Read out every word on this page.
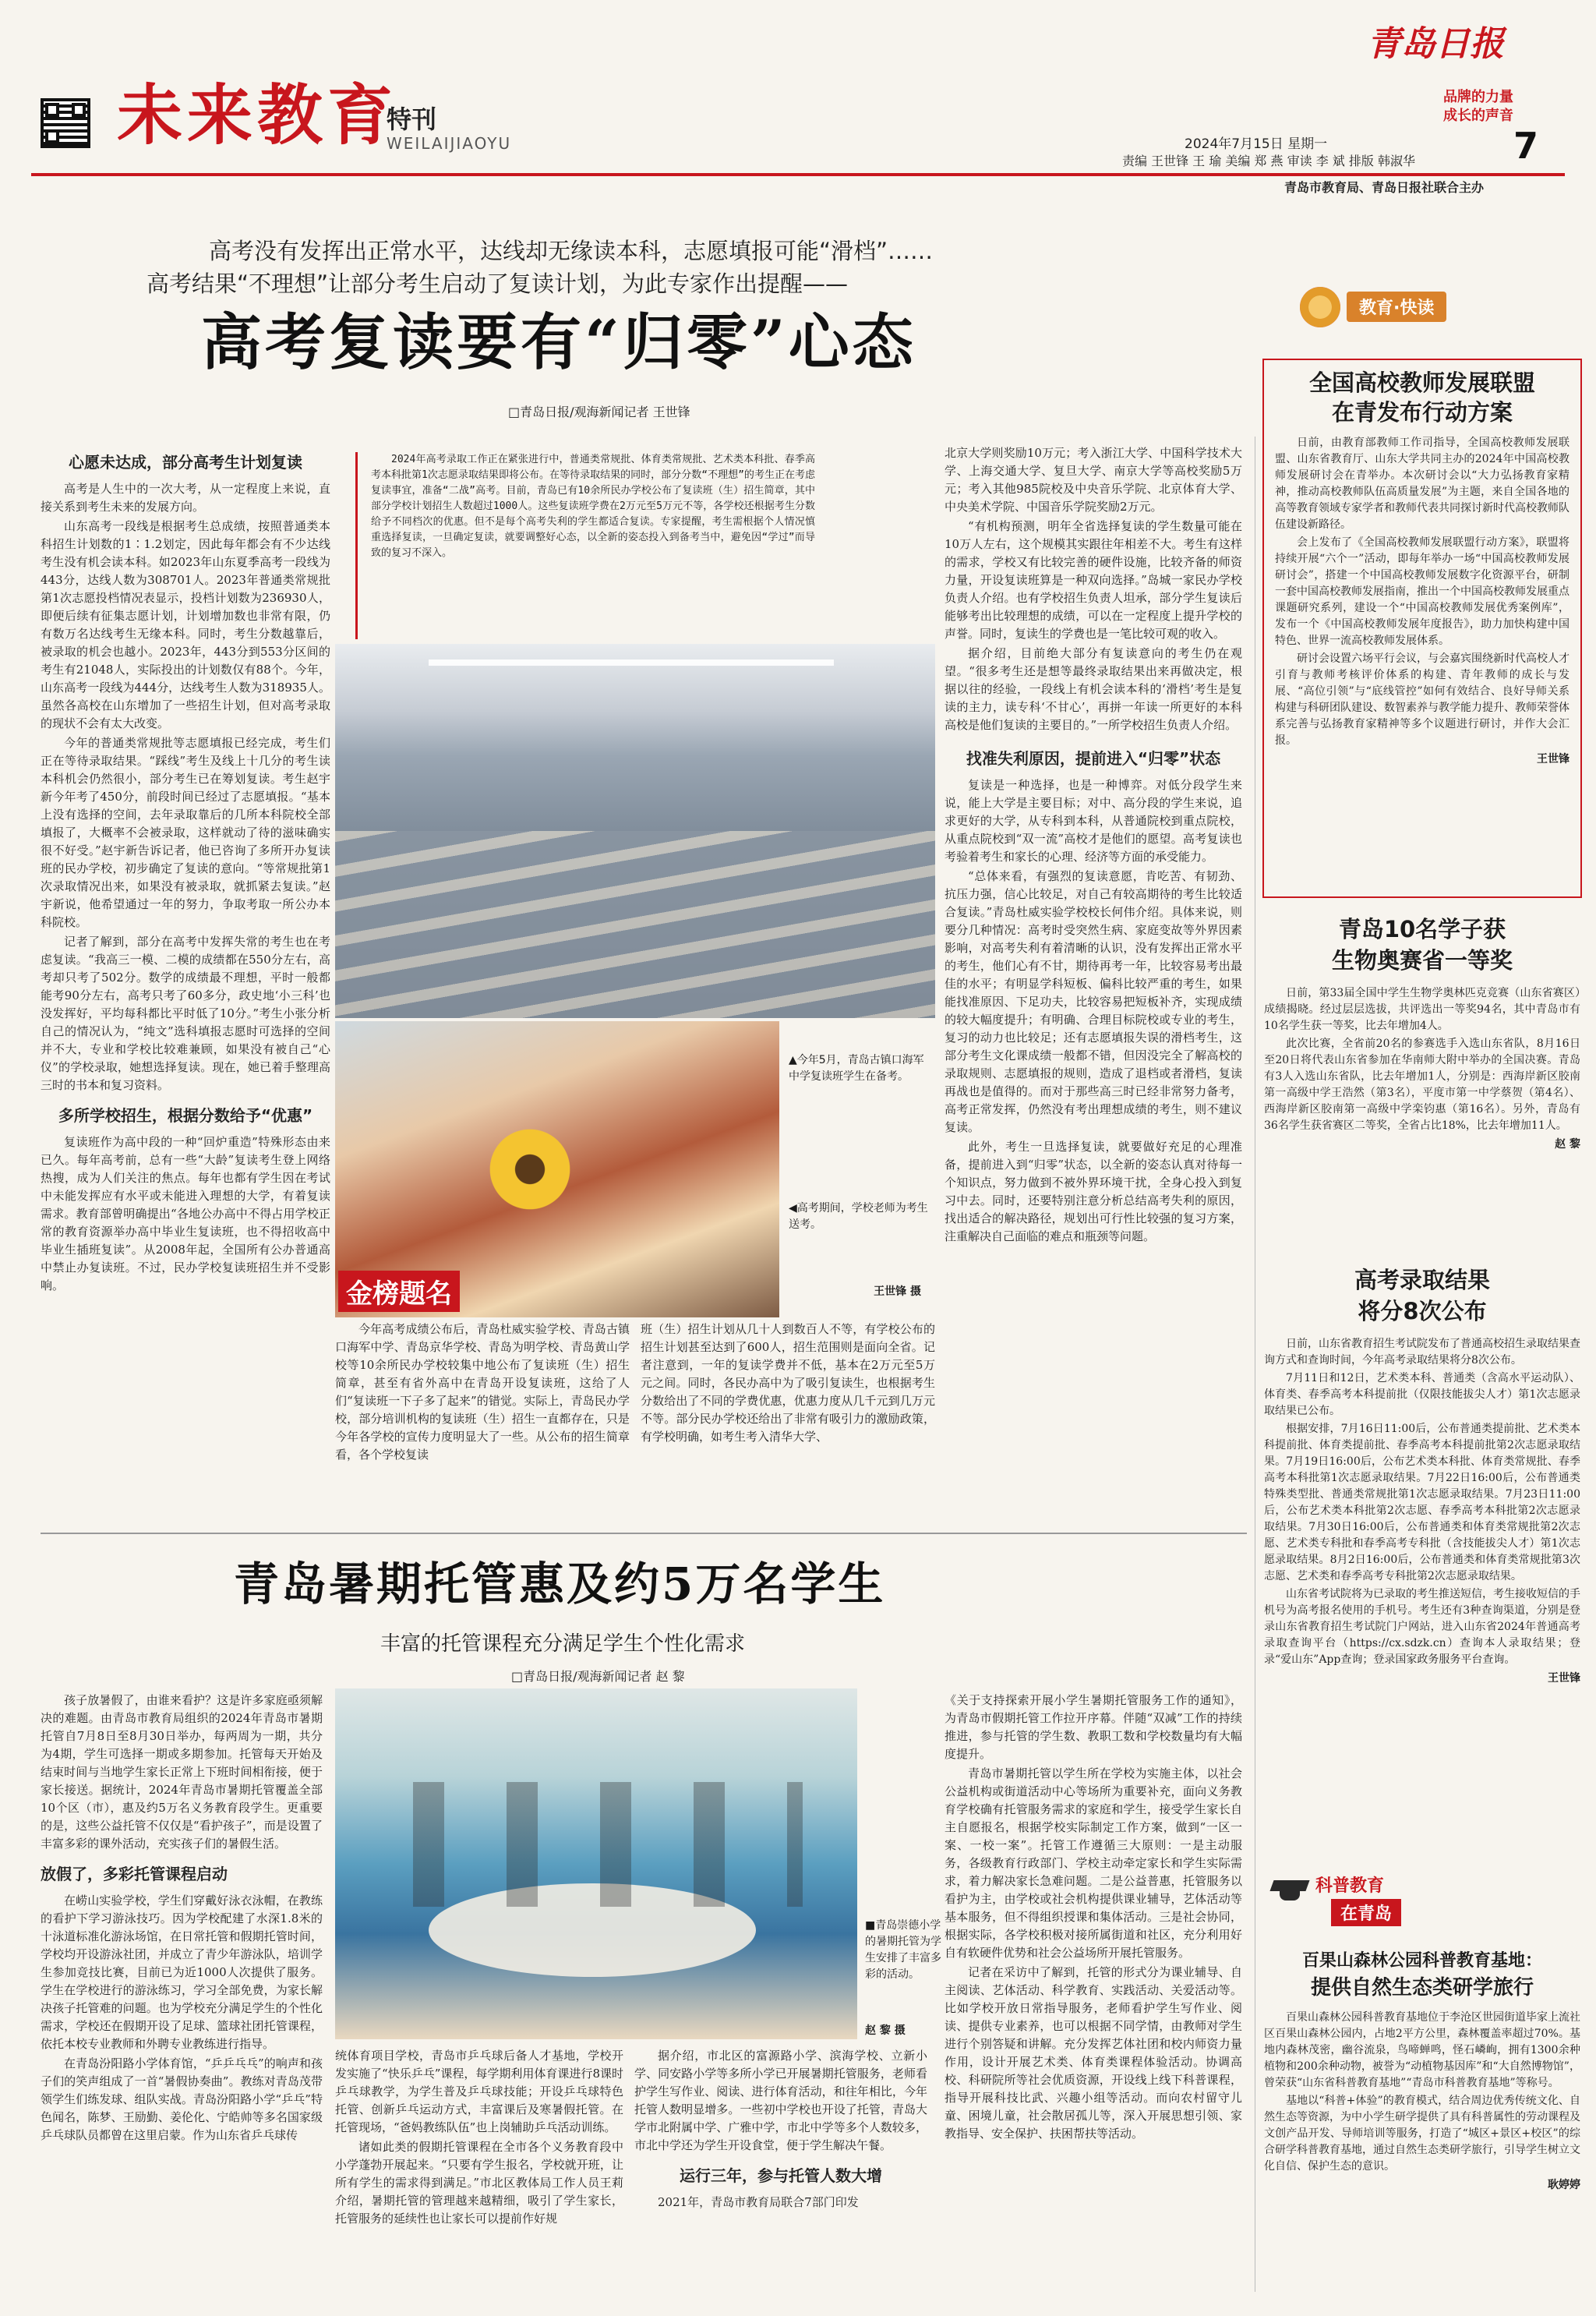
未来教育
特刊
WEILAIJIAOYU
青岛日报
品牌的力量
成长的声音
2024年7月15日 星期一	7
责编 王世锋 王 瑜 美编 郑 燕 审读 李 斌 排版 韩淑华
青岛市教育局、青岛日报社联合主办
高考没有发挥出正常水平，达线却无缘读本科，志愿填报可能“滑档”……
高考结果“不理想”让部分考生启动了复读计划，为此专家作出提醒——
高考复读要有“归零”心态
□青岛日报/观海新闻记者 王世锋
心愿未达成，部分高考生计划复读

高考是人生中的一次大考，从一定程度上来说，直接关系到考生未来的发展方向。

山东高考一段线是根据考生总成绩，按照普通类本科招生计划数的1∶1.2划定，因此每年都会有不少达线考生没有机会读本科。如2023年山东夏季高考一段线为443分，达线人数为308701人。2023年普通类常规批第1次志愿投档情况表显示，投档计划数为236930人，即便后续有征集志愿计划，计划增加数也非常有限，仍有数万名达线考生无缘本科。同时，考生分数越靠后，被录取的机会也越小。2023年，443分到553分区间的考生有21048人，实际投出的计划数仅有88个。今年，山东高考一段线为444分，达线考生人数为318935人。虽然各高校在山东增加了一些招生计划，但对高考录取的现状不会有太大改变。

今年的普通类常规批等志愿填报已经完成，考生们正在等待录取结果。“踩线”考生及线上十几分的考生读本科机会仍然很小，部分考生已在筹划复读。考生赵宇新今年考了450分，前段时间已经过了志愿填报。“基本上没有选择的空间，去年录取靠后的几所本科院校全部填报了，大概率不会被录取，这样就动了待的滋味确实很不好受。”赵宇新告诉记者，他已咨询了多所开办复读班的民办学校，初步确定了复读的意向。“等常规批第1次录取情况出来，如果没有被录取，就抓紧去复读。”赵宇新说，他希望通过一年的努力，争取考取一所公办本科院校。

记者了解到，部分在高考中发挥失常的考生也在考虑复读。“我高三一模、二模的成绩都在550分左右，高考却只考了502分。数学的成绩最不理想，平时一般都能考90分左右，高考只考了60多分，政史地‘小三科’也没发挥好，平均每科都比平时低了10分。”考生小张分析自己的情况认为，“纯文”选科填报志愿时可选择的空间并不大，专业和学校比较难兼顾，如果没有被自己“心仪”的学校录取，她想选择复读。现在，她已着手整理高三时的书本和复习资料。

多所学校招生，根据分数给予“优惠”

复读班作为高中段的一种“回炉重造”特殊形态由来已久。每年高考前，总有一些“大龄”复读考生登上网络热搜，成为人们关注的焦点。每年也都有学生因在考试中未能发挥应有水平或未能进入理想的大学，有着复读需求。教育部曾明确提出“各地公办高中不得占用学校正常的教育资源举办高中毕业生复读班，也不得招收高中毕业生插班复读”。从2008年起，全国所有公办普通高中禁止办复读班。不过，民办学校复读班招生并不受影响。

2024年高考录取工作正在紧张进行中，普通类常规批、体育类常规批、艺术类本科批、春季高考本科批第1次志愿录取结果即将公布。在等待录取结果的同时，部分分数“不理想”的考生正在考虑复读事宜，准备“二战”高考。目前，青岛已有10余所民办学校公布了复读班（生）招生简章，其中部分学校计划招生人数超过1000人。这些复读班学费在2万元至5万元不等，各学校还根据考生分数给予不同档次的优惠。但不是每个高考失利的学生都适合复读。专家提醒，考生需根据个人情况慎重选择复读，一旦确定复读，就要调整好心态，以全新的姿态投入到备考当中，避免因“学过”而导致的复习不深入。
金榜题名
▲今年5月，青岛古镇口海军中学复读班学生在备考。
◀高考期间，学校老师为考生送考。
王世锋 摄

今年高考成绩公布后，青岛杜威实验学校、青岛古镇口海军中学、青岛京华学校、青岛为明学校、青岛黄山学校等10余所民办学校较集中地公布了复读班（生）招生简章，甚至有省外高中在青岛开设复读班，这给了人们“复读班一下子多了起来”的错觉。实际上，青岛民办学校，部分培训机构的复读班（生）招生一直都存在，只是今年各学校的宣传力度明显大了一些。从公布的招生简章看，各个学校复读

班（生）招生计划从几十人到数百人不等，有学校公布的招生计划甚至达到了600人，招生范围则是面向全省。记者注意到，一年的复读学费并不低，基本在2万元至5万元之间。同时，各民办高中为了吸引复读生，也根据考生分数给出了不同的学费优惠，优惠力度从几千元到几万元不等。部分民办学校还给出了非常有吸引力的激励政策，有学校明确，如考生考入清华大学、

北京大学则奖励10万元；考入浙江大学、中国科学技术大学、上海交通大学、复旦大学、南京大学等高校奖励5万元；考入其他985院校及中央音乐学院、北京体育大学、中央美术学院、中国音乐学院奖励2万元。

“有机构预测，明年全省选择复读的学生数量可能在10万人左右，这个规模其实跟往年相差不大。考生有这样的需求，学校又有比较完善的硬件设施，比较齐备的师资力量，开设复读班算是一种双向选择。”岛城一家民办学校负责人介绍。也有学校招生负责人坦承，部分学生复读后能够考出比较理想的成绩，可以在一定程度上提升学校的声誉。同时，复读生的学费也是一笔比较可观的收入。

据介绍，目前绝大部分有复读意向的考生仍在观望。“很多考生还是想等最终录取结果出来再做决定，根据以往的经验，一段线上有机会读本科的‘滑档’考生是复读的主力，读专科‘不甘心’，再拼一年读一所更好的本科高校是他们复读的主要目的。”一所学校招生负责人介绍。

找准失利原因，提前进入“归零”状态

复读是一种选择，也是一种博弈。对低分段学生来说，能上大学是主要目标；对中、高分段的学生来说，追求更好的大学，从专科到本科，从普通院校到重点院校，从重点院校到“双一流”高校才是他们的愿望。高考复读也考验着考生和家长的心理、经济等方面的承受能力。

“总体来看，有强烈的复读意愿，肯吃苦、有韧劲、抗压力强，信心比较足，对自己有较高期待的考生比较适合复读。”青岛杜威实验学校校长何伟介绍。具体来说，则要分几种情况：高考时受突然生病、家庭变故等外界因素影响，对高考失利有着清晰的认识，没有发挥出正常水平的考生，他们心有不甘，期待再考一年，比较容易考出最佳的水平；有明显学科短板、偏科比较严重的考生，如果能找准原因、下足功夫，比较容易把短板补齐，实现成绩的较大幅度提升；有明确、合理目标院校或专业的考生，复习的动力也比较足；还有志愿填报失误的滑档考生，这部分考生文化课成绩一般都不错，但因没完全了解高校的录取规则、志愿填报的规则，造成了退档或者滑档，复读再战也是值得的。而对于那些高三时已经非常努力备考，高考正常发挥，仍然没有考出理想成绩的考生，则不建议复读。

此外，考生一旦选择复读，就要做好充足的心理准备，提前进入到“归零”状态，以全新的姿态认真对待每一个知识点，努力做到不被外界环境干扰，全身心投入到复习中去。同时，还要特别注意分析总结高考失利的原因，找出适合的解决路径，规划出可行性比较强的复习方案，注重解决自己面临的难点和瓶颈等问题。

教育·快读
全国高校教师发展联盟
在青发布行动方案

日前，由教育部教师工作司指导，全国高校教师发展联盟、山东省教育厅、山东大学共同主办的2024年中国高校教师发展研讨会在青举办。本次研讨会以“大力弘扬教育家精神，推动高校教师队伍高质量发展”为主题，来自全国各地的高等教育领域专家学者和教师代表共同探讨新时代高校教师队伍建设新路径。

会上发布了《全国高校教师发展联盟行动方案》，联盟将持续开展“六个一”活动，即每年举办一场“中国高校教师发展研讨会”，搭建一个中国高校教师发展数字化资源平台，研制一套中国高校教师发展指南，推出一个中国高校教师发展重点课题研究系列，建设一个“中国高校教师发展优秀案例库”，发布一个《中国高校教师发展年度报告》，助力加快构建中国特色、世界一流高校教师发展体系。

研讨会设置六场平行会议，与会嘉宾围绕新时代高校人才引育与教师考核评价体系的构建、青年教师的成长与发展、“高位引领”与“底线管控”如何有效结合、良好导师关系构建与科研团队建设、数智素养与教学能力提升、教师荣誉体系完善与弘扬教育家精神等多个议题进行研讨，并作大会汇报。

王世锋
青岛10名学子获
生物奥赛省一等奖

日前，第33届全国中学生生物学奥林匹克竞赛（山东省赛区）成绩揭晓。经过层层选拔，共评选出一等奖94名，其中青岛市有10名学生获一等奖，比去年增加4人。

此次比赛，全省前20名的参赛选手入选山东省队，8月16日至20日将代表山东省参加在华南师大附中举办的全国决赛。青岛有3人入选山东省队，比去年增加1人，分别是：西海岸新区胶南第一高级中学王浩然（第3名），平度市第一中学蔡贺（第4名）、西海岸新区胶南第一高级中学栾钧惠（第16名）。另外，青岛有36名学生获省赛区二等奖，全省占比18%，比去年增加11人。

赵 黎
高考录取结果
将分8次公布

日前，山东省教育招生考试院发布了普通高校招生录取结果查询方式和查询时间，今年高考录取结果将分8次公布。

7月11日和12日，艺术类本科、普通类（含高水平运动队）、体育类、春季高考本科提前批（仅限技能拔尖人才）第1次志愿录取结果已公布。

根据安排，7月16日11:00后，公布普通类提前批、艺术类本科提前批、体育类提前批、春季高考本科提前批第2次志愿录取结果。7月19日16:00后，公布艺术类本科批、体育类常规批、春季高考本科批第1次志愿录取结果。7月22日16:00后，公布普通类特殊类型批、普通类常规批第1次志愿录取结果。7月23日11:00后，公布艺术类本科批第2次志愿、春季高考本科批第2次志愿录取结果。7月30日16:00后，公布普通类和体育类常规批第2次志愿、艺术类专科批和春季高考专科批（含技能拔尖人才）第1次志愿录取结果。8月2日16:00后，公布普通类和体育类常规批第3次志愿、艺术类和春季高考专科批第2次志愿录取结果。

山东省考试院将为已录取的考生推送短信，考生接收短信的手机号为高考报名使用的手机号。考生还有3种查询渠道，分别是登录山东省教育招生考试院门户网站，进入山东省2024年普通高考录取查询平台（https://cx.sdzk.cn）查询本人录取结果；登录“爱山东”App查询；登录国家政务服务平台查询。

王世锋
科普教育
在青岛
百果山森林公园科普教育基地：
提供自然生态类研学旅行

百果山森林公园科普教育基地位于李沧区世园街道毕家上流社区百果山森林公园内，占地2平方公里，森林覆盖率超过70%。基地内森林茂密，幽谷流泉，鸟啼蝉鸣，怪石嶙峋，拥有1300余种植物和200余种动物，被誉为“动植物基因库”和“大自然博物馆”，曾荣获“山东省科普教育基地”“青岛市科普教育基地”等称号。

基地以“科普+体验”的教育模式，结合周边优秀传统文化、自然生态等资源，为中小学生研学提供了具有科普属性的劳动课程及文创产品开发、导师培训等服务，打造了“城区+景区+校区”的综合研学科普教育基地，通过自然生态类研学旅行，引导学生树立文化自信、保护生态的意识。

耿婷婷
青岛暑期托管惠及约5万名学生
丰富的托管课程充分满足学生个性化需求
□青岛日报/观海新闻记者 赵 黎

孩子放暑假了，由谁来看护？这是许多家庭亟须解决的难题。由青岛市教育局组织的2024年青岛市暑期托管自7月8日至8月30日举办，每两周为一期，共分为4期，学生可选择一期或多期参加。托管每天开始及结束时间与当地学生家长正常上下班时间相衔接，便于家长接送。据统计，2024年青岛市暑期托管覆盖全部10个区（市），惠及约5万名义务教育段学生。更重要的是，这些公益托管不仅仅是“看护孩子”，而是设置了丰富多彩的课外活动，充实孩子们的暑假生活。

放假了，多彩托管课程启动

在崂山实验学校，学生们穿戴好泳衣泳帽，在教练的看护下学习游泳技巧。因为学校配建了水深1.8米的十泳道标准化游泳场馆，在日常托管和假期托管时间，学校均开设游泳社团，并成立了青少年游泳队，培训学生参加竞技比赛，目前已为近1000人次提供了服务。学生在学校进行的游泳练习，学习全部免费，为家长解决孩子托管难的问题。也为学校充分满足学生的个性化需求，学校还在假期开设了足球、篮球社团托管课程，依托本校专业教师和外聘专业教练进行指导。

在青岛汾阳路小学体育馆，“乒乒乓乓”的响声和孩子们的笑声组成了一首“暑假协奏曲”。教练对青岛茂带领学生们练发球、组队实战。青岛汾阳路小学“乒乓”特色闻名，陈梦、王励勤、姜伦化、宁皓帅等多名国家级乒乓球队员都曾在这里启蒙。作为山东省乒乓球传

■青岛崇德小学的暑期托管为学生安排了丰富多彩的活动。
赵 黎 摄

统体育项目学校，青岛市乒乓球后备人才基地，学校开发实施了“快乐乒乓”课程，每学期利用体育课进行8课时乒乓球教学，为学生普及乒乓球技能；开设乒乓球特色托管、创新乒乓运动方式，丰富课后及寒暑假托管。在托管现场，“爸妈教练队伍”也上岗辅助乒乓活动训练。

诸如此类的假期托管课程在全市各个义务教育段中小学蓬勃开展起来。“只要有学生报名，学校就开班，让所有学生的需求得到满足。”市北区教体局工作人员王莉介绍，暑期托管的管理越来越精细，吸引了学生家长，托管服务的延续性也让家长可以提前作好规

据介绍，市北区的富源路小学、滨海学校、立新小学、同安路小学等多所小学已开展暑期托管服务，老师看护学生写作业、阅读、进行体育活动，和往年相比，今年托管人数明显增多。一些初中学校也开设了托管，青岛大学市北附属中学、广雅中学，市北中学等多个人数较多，市北中学还为学生开设食堂，便于学生解决午餐。

运行三年，参与托管人数大增

2021年，青岛市教育局联合7部门印发

《关于支持探索开展小学生暑期托管服务工作的通知》，为青岛市假期托管工作拉开序幕。伴随“双减”工作的持续推进，参与托管的学生数、教职工数和学校数量均有大幅度提升。

青岛市暑期托管以学生所在学校为实施主体，以社会公益机构或街道活动中心等场所为重要补充，面向义务教育学校确有托管服务需求的家庭和学生，接受学生家长自主自愿报名，根据学校实际制定工作方案，做到“一区一案、一校一案”。托管工作遵循三大原则：一是主动服务，各级教育行政部门、学校主动牵定家长和学生实际需求，着力解决家长急难问题。二是公益普惠，托管服务以看护为主，由学校或社会机构提供课业辅导，艺体活动等基本服务，但不得组织授课和集体活动。三是社会协同，根据实际，各学校积极对接所属街道和社区，充分利用好自有软硬件优势和社会公益场所开展托管服务。

记者在采访中了解到，托管的形式分为课业辅导、自主阅读、艺体活动、科学教育、实践活动、关爱活动等。比如学校开放日常指导服务，老师看护学生写作业、阅读、提供专业素养，也可以根据不同学情，由教师对学生进行个别答疑和讲解。充分发挥艺体社团和校内师资力量作用，设计开展艺术类、体育类课程体验活动。协调高校、科研院所等社会优质资源，开设线上线下科普课程，指导开展科技比武、兴趣小组等活动。而向农村留守儿童、困境儿童，社会散居孤儿等，深入开展思想引领、家教指导、安全保护、扶困帮扶等活动。
